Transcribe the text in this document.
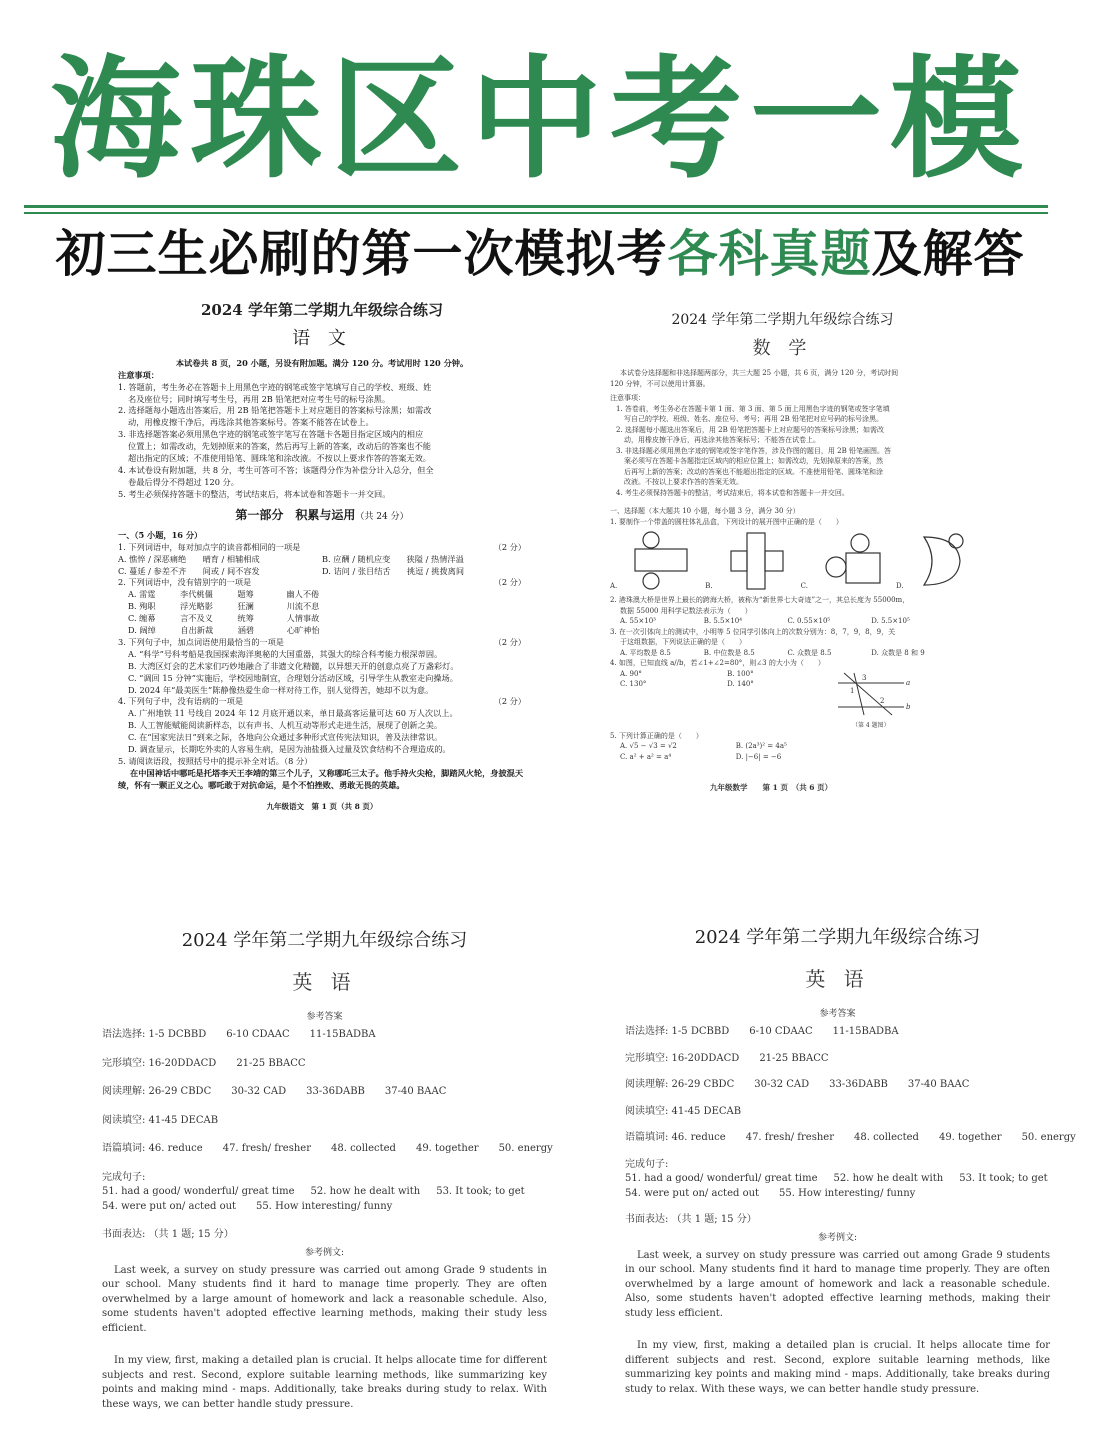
海珠区中考一模
初三生必刷的第一次模拟考各科真题及解答
2024 学年第二学期九年级综合练习
语 文
本试卷共 8 页，20 小题，另设有附加题。满分 120 分。考试用时 120 分钟。
注意事项：
1. 答题前，考生务必在答题卡上用黑色字迹的钢笔或签字笔填写自己的学校、班级、姓
名及座位号；同时填写考生号，再用 2B 铅笔把对应考生号的标号涂黑。
2. 选择题每小题选出答案后，用 2B 铅笔把答题卡上对应题目的答案标号涂黑；如需改
动，用橡皮擦干净后，再选涂其他答案标号。答案不能答在试卷上。
3. 非选择题答案必须用黑色字迹的钢笔或签字笔写在答题卡各题目指定区域内的相应
位置上；如需改动，先划掉原来的答案，然后再写上新的答案，改动后的答案也不能
超出指定的区域；不准使用铅笔、圆珠笔和涂改液。不按以上要求作答的答案无效。
4. 本试卷设有附加题，共 8 分，考生可答可不答；该题得分作为补偿分计入总分，但全
卷最后得分不得超过 120 分。
5. 考生必须保持答题卡的整洁，考试结束后，将本试卷和答题卡一并交回。
第一部分　积累与运用（共 24 分）
一、（5 小题，16 分）
1. 下列词语中，每对加点字的读音都相同的一项是	（2 分）
A. 憔悴 / 深恶痛绝　　晴育 / 相辅相成	B. 应酬 / 随机应变　　狭隘 / 热情洋溢
C. 蔓延 / 参差不齐　　间或 / 间不容发	D. 诘问 / 张目结舌　　挑逗 / 挑拨离间
2. 下列词语中，没有错别字的一项是	（2 分）
A. 雷霆　　　李代桃僵　　　题筹　　　　幽人不倦
B. 殉职　　　浮光略影　　　狂澜　　　　川流不息
C. 缠幕　　　言不及义　　　统筹　　　　人情事故
D. 阔绰　　　自出新裁　　　涵碧　　　　心旷神怡
3. 下列句子中，加点词语使用最恰当的一项是	（2 分）
A. “科学”号科考船是我国探索海洋奥秘的大国重器，其强大的综合科考能力根深蒂固。
B. 大湾区灯会的艺术家们巧妙地融合了非遗文化精髓，以异想天开的创意点亮了万盏彩灯。
C. “调回 15 分钟”实施后，学校因地制宜，合理划分活动区域，引导学生从教室走向操场。
D. 2024 年“最美医生”陈静像热爱生命一样对待工作，别人觉得苦，她却不以为意。
4. 下列句子中，没有语病的一项是	（2 分）
A. 广州地铁 11 号线自 2024 年 12 月底开通以来，单日最高客运量可达 60 万人次以上。
B. 人工智能赋能阅读新样态，以有声书、人机互动等形式走进生活，展现了创新之美。
C. 在“国家宪法日”到来之际，各地向公众通过多种形式宣传宪法知识，普及法律常识。
D. 调查显示，长期吃外卖的人容易生病，是因为油盐摄入过量及饮食结构不合理造成的。
5. 请阅读语段，按照括号中的提示补全对话。（8 分）
在中国神话中哪吒是托塔李天王李靖的第三个儿子，又称哪吒三太子。他手持火尖枪，脚踏风火轮，身披混天绫，怀有一颗正义之心。哪吒敢于对抗命运，是个不怕挫败、勇敢无畏的英雄。
九年级语文　第 1 页（共 8 页）
2024 学年第二学期九年级综合练习
数 学
本试卷分选择题和非选择题两部分，共三大题 25 小题，共 6 页，满分 120 分，考试时间
120 分钟，不可以使用计算器。
注意事项：
1. 答卷前，考生务必在答题卡第 1 面、第 3 面、第 5 面上用黑色字迹的钢笔或签字笔填
写自己的学校、班级、姓名、座位号、考号；再用 2B 铅笔把对应号码的标号涂黑。
2. 选择题每小题选出答案后，用 2B 铅笔把答题卡上对应题号的答案标号涂黑；如需改
动，用橡皮擦干净后，再选涂其他答案标号；不能答在试卷上。
3. 非选择题必须用黑色字迹的钢笔或签字笔作答，涉及作图的题目，用 2B 铅笔画图。答
案必须写在答题卡各题指定区域内的相应位置上；如需改动，先划掉原来的答案，然
后再写上新的答案；改动的答案也不能超出指定的区域。不准使用铅笔、圆珠笔和涂
改液。不按以上要求作答的答案无效。
4. 考生必须保持答题卡的整洁，考试结束后，将本试卷和答题卡一并交回。
一、选择题（本大题共 10 小题，每小题 3 分，满分 30 分）
1. 要制作一个带盖的圆柱体礼品盒，下列设计的展开图中正确的是（　　）
A.	B.	C.	D.
2. 港珠澳大桥是世界上最长的跨海大桥，被称为“新世界七大奇迹”之一，其总长度为 55000m，
数据 55000 用科学记数法表示为（　　）
A. 55×10³	B. 5.5×10⁴	C. 0.55×10⁵	D. 5.5×10⁵
3. 在一次引体向上的测试中，小明等 5 位同学引体向上的次数分别为：8，7，9，8，9，关
于这组数据，下列说法正确的是（　　）
A. 平均数是 8.5	B. 中位数是 8.5	C. 众数是 8.5	D. 众数是 8 和 9
4. 如图，已知直线 a//b，若∠1+∠2=80°，则∠3 的大小为（　　）
A. 90°	B. 100°
C. 130°	D. 140°
3
1
2
a
b
（第 4 题图）
5. 下列计算正确的是（　　）
A. √5 − √3 = √2	B. (2a³)² = 4a⁵
C. a² + a² = a⁴	D. |−6| = −6
九年级数学　　第 1 页　（共 6 页）
2024 学年第二学期九年级综合练习
英 语
参考答案
语法选择: 1-5 DCBBD 6-10 CDAAC 11-15BADBA
完形填空: 16-20DDACD 21-25 BBACC
阅读理解: 26-29 CBDC 30-32 CAD 33-36DABB 37-40 BAAC
阅读填空: 41-45 DECAB
语篇填词: 46. reduce 47. fresh/ fresher 48. collected 49. together 50. energy
完成句子:
51. had a good/ wonderful/ great time 52. how he dealt with 53. It took; to get
54. were put on/ acted out 55. How interesting/ funny
书面表达: （共 1 题; 15 分）
参考例文:
Last week, a survey on study pressure was carried out among Grade 9 students in our school. Many students find it hard to manage time properly. They are often overwhelmed by a large amount of homework and lack a reasonable schedule. Also, some students haven't adopted effective learning methods, making their study less efficient.
In my view, first, making a detailed plan is crucial. It helps allocate time for different subjects and rest. Second, explore suitable learning methods, like summarizing key points and making mind - maps. Additionally, take breaks during study to relax. With these ways, we can better handle study pressure.
2024 学年第二学期九年级综合练习
英 语
参考答案
语法选择: 1-5 DCBBD 6-10 CDAAC 11-15BADBA
完形填空: 16-20DDACD 21-25 BBACC
阅读理解: 26-29 CBDC 30-32 CAD 33-36DABB 37-40 BAAC
阅读填空: 41-45 DECAB
语篇填词: 46. reduce 47. fresh/ fresher 48. collected 49. together 50. energy
完成句子:
51. had a good/ wonderful/ great time 52. how he dealt with 53. It took; to get
54. were put on/ acted out 55. How interesting/ funny
书面表达: （共 1 题; 15 分）
参考例文:
Last week, a survey on study pressure was carried out among Grade 9 students in our school. Many students find it hard to manage time properly. They are often overwhelmed by a large amount of homework and lack a reasonable schedule. Also, some students haven't adopted effective learning methods, making their study less efficient.
In my view, first, making a detailed plan is crucial. It helps allocate time for different subjects and rest. Second, explore suitable learning methods, like summarizing key points and making mind - maps. Additionally, take breaks during study to relax. With these ways, we can better handle study pressure.
